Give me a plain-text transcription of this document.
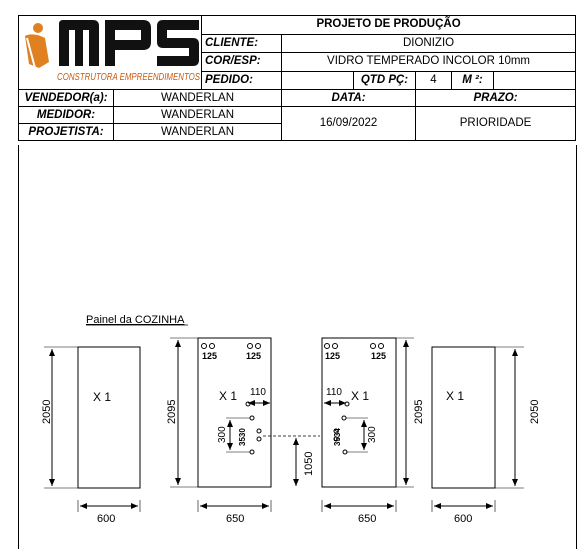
CONSTRUTORA EMPREENDIMENTOS		PROJETO DE PRODUÇÃO					
		CLIENTE:	DIONIZIO				
		COR/ESP:	VIDRO TEMPERADO INCOLOR 10mm				
		PEDIDO:		QTD PÇ:	4	M ²:	
VENDEDOR(a):	WANDERLAN		DATA:		PRAZO:		
MEDIDOR:	WANDERLAN		16/09/2022		PRIORIDADE		
PROJETISTA:	WANDERLAN						
Painel da COZINHA
X 1
2050
600
125	125
X 1 110
300 3530
2095
650
1050
125	125
X 1
110
300
3534
2095
650
X 1
2050
600
